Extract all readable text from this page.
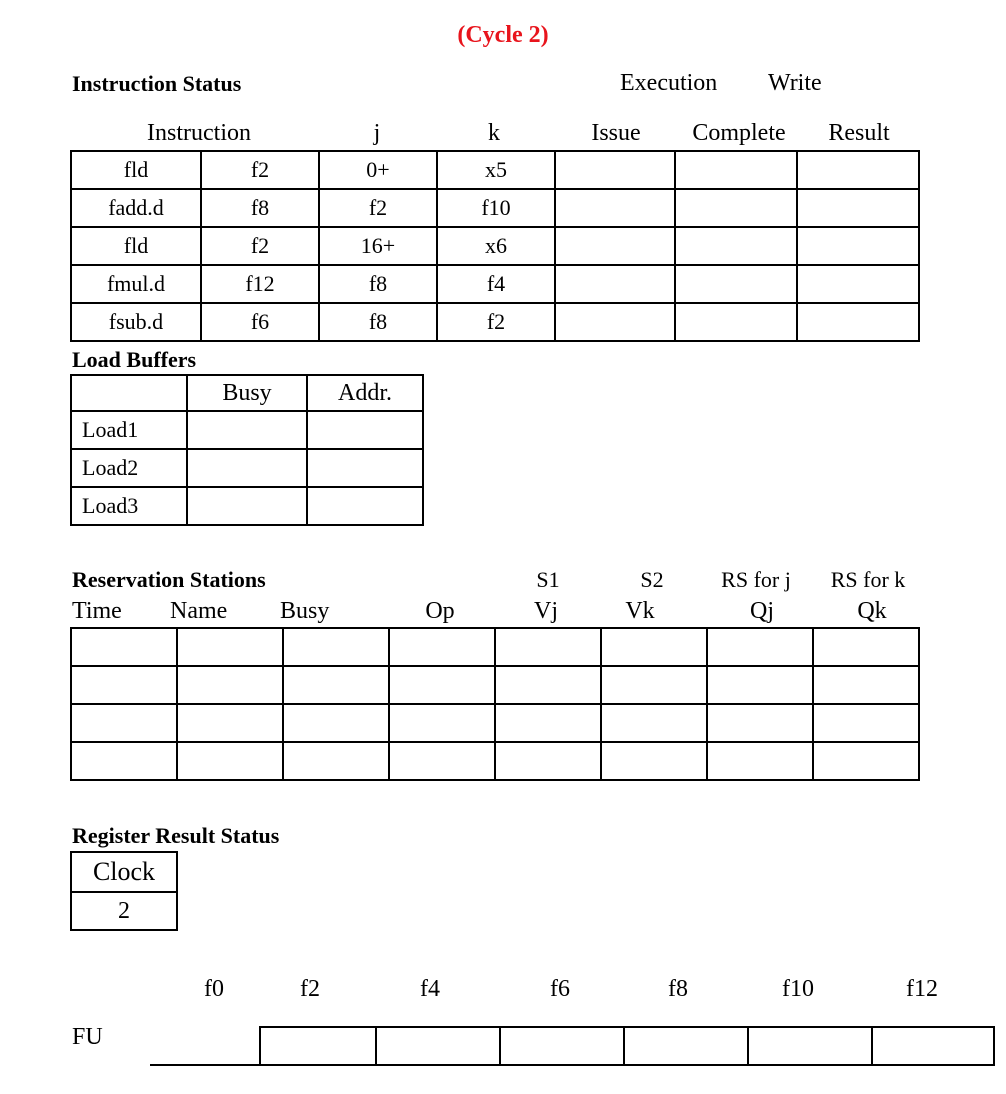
(Cycle 2)
Instruction Status	Execution Write
Instruction	j	k	Issue	Complete	Result
fld	f2	0+	x5			
fadd.d	f8	f2	f10			
fld	f2	16+	x6			
fmul.d	f12	f8	f4			
fsub.d	f6	f8	f2			
Load Buffers
	Busy	Addr.
Load1		
Load2		
Load3		
Reservation Stations	S1	S2	RS for j	RS for k
Time Name Busy	Op	Vj	Vk	Qj	Qk

Register Result Status
Clock
2
f0	f2	f4	f6	f8	f10	f12
FU
